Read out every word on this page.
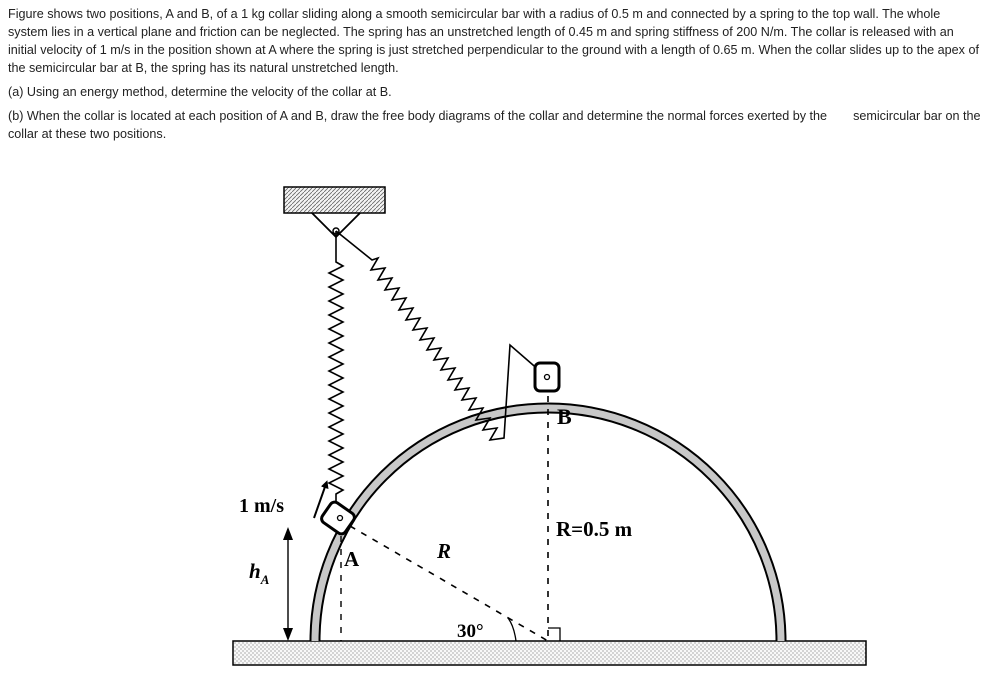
Figure shows two positions, A and B, of a 1 kg collar sliding along a smooth semicircular bar with a radius of 0.5 m and connected by a spring to the top wall. The whole system lies in a vertical plane and friction can be neglected. The spring has an unstretched length of 0.45 m and spring stiffness of 200 N/m. The collar is released with an initial velocity of 1 m/s in the position shown at A where the spring is just stretched perpendicular to the ground with a length of 0.65 m. When the collar slides up to the apex of the semicircular bar at B, the spring has its natural unstretched length.

(a) Using an energy method, determine the velocity of the collar at B.

(b) When the collar is located at each position of A and B, draw the free body diagrams of the collar and determine the normal forces exerted by the semicircular bar on the collar at these two positions.

1 m/s
$h_A$
A
B
R
R=0.5 m
30°
